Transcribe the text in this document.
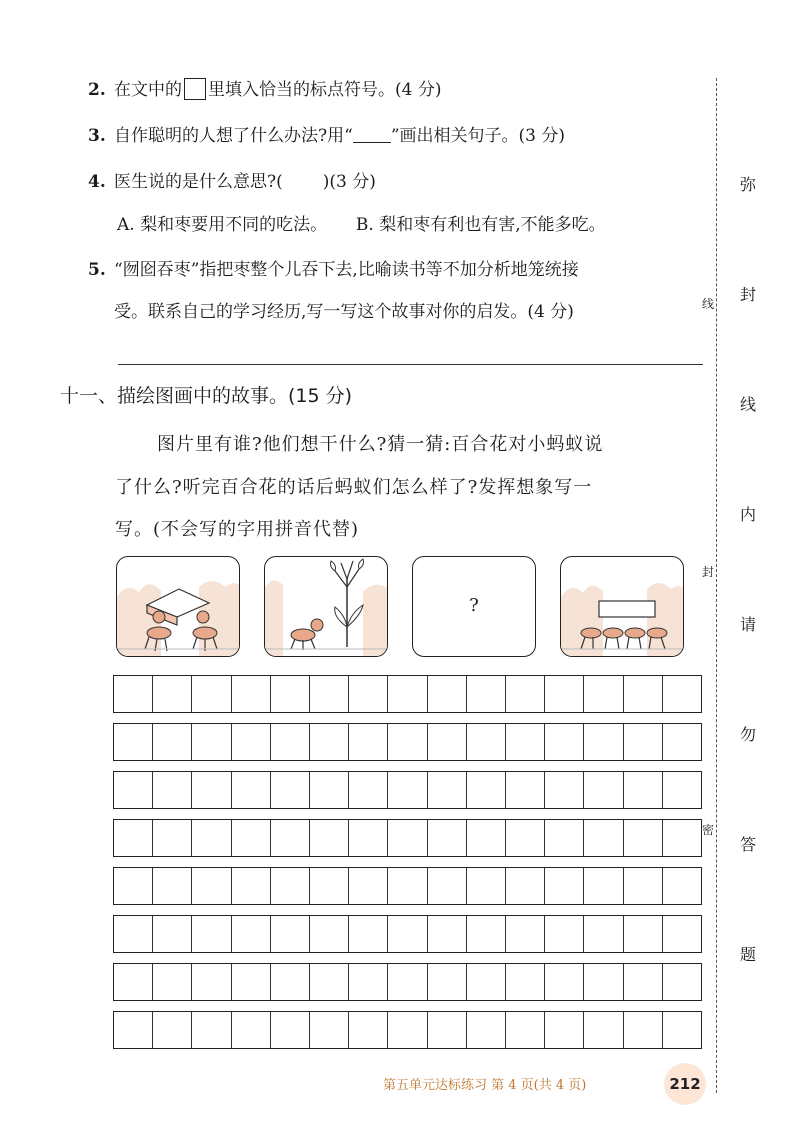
2. 在文中的 里填入恰当的标点符号。(4 分)
3. 自作聪明的人想了什么办法?用“ ”画出相关句子。(3 分)
4. 医生说的是什么意思?( )(3 分)
A. 梨和枣要用不同的吃法。 B. 梨和枣有利也有害,不能多吃。
5. “囫囵吞枣”指把枣整个儿吞下去,比喻读书等不加分析地笼统接
受。联系自己的学习经历,写一写这个故事对你的启发。(4 分)
十一、描绘图画中的故事。(15 分)
图片里有谁?他们想干什么?猜一猜:百合花对小蚂蚁说
了什么?听完百合花的话后蚂蚁们怎么样了?发挥想象写一
写。(不会写的字用拼音代替)
?
线
封
密
弥
封
线
内
请
勿
答
题
第五单元达标练习 第 4 页(共 4 页)	212
